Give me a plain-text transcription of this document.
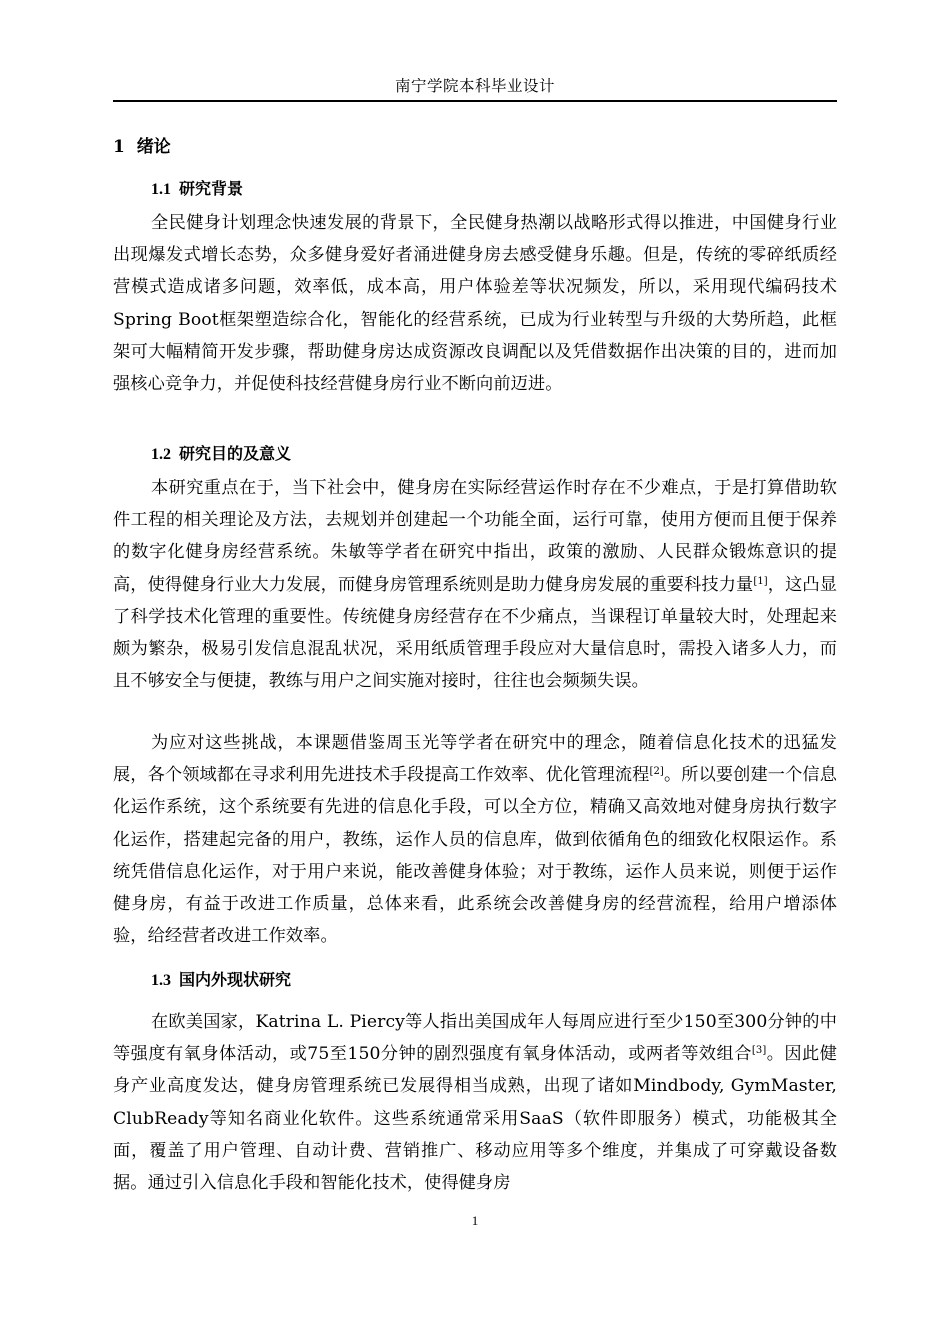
南宁学院本科毕业设计
1 绪论
1.1 研究背景
全民健身计划理念快速发展的背景下，全民健身热潮以战略形式得以推进，中国健身行业出现爆发式增长态势，众多健身爱好者涌进健身房去感受健身乐趣。但是，传统的零碎纸质经营模式造成诸多问题，效率低，成本高，用户体验差等状况频发，所以，采用现代编码技术Spring Boot框架塑造综合化，智能化的经营系统，已成为行业转型与升级的大势所趋，此框架可大幅精简开发步骤，帮助健身房达成资源改良调配以及凭借数据作出决策的目的，进而加强核心竞争力，并促使科技经营健身房行业不断向前迈进。
1.2 研究目的及意义
本研究重点在于，当下社会中，健身房在实际经营运作时存在不少难点，于是打算借助软件工程的相关理论及方法，去规划并创建起一个功能全面，运行可靠，使用方便而且便于保养的数字化健身房经营系统。朱敏等学者在研究中指出，政策的激励、人民群众锻炼意识的提高，使得健身行业大力发展，而健身房管理系统则是助力健身房发展的重要科技力量[1]，这凸显了科学技术化管理的重要性。传统健身房经营存在不少痛点，当课程订单量较大时，处理起来颇为繁杂，极易引发信息混乱状况，采用纸质管理手段应对大量信息时，需投入诸多人力，而且不够安全与便捷，教练与用户之间实施对接时，往往也会频频失误。
为应对这些挑战，本课题借鉴周玉光等学者在研究中的理念，随着信息化技术的迅猛发展，各个领域都在寻求利用先进技术手段提高工作效率、优化管理流程[2]。所以要创建一个信息化运作系统，这个系统要有先进的信息化手段，可以全方位，精确又高效地对健身房执行数字化运作，搭建起完备的用户，教练，运作人员的信息库，做到依循角色的细致化权限运作。系统凭借信息化运作，对于用户来说，能改善健身体验；对于教练，运作人员来说，则便于运作健身房，有益于改进工作质量，总体来看，此系统会改善健身房的经营流程，给用户增添体验，给经营者改进工作效率。
1.3 国内外现状研究
在欧美国家，Katrina L. Piercy等人指出美国成年人每周应进行至少150至300分钟的中等强度有氧身体活动，或75至150分钟的剧烈强度有氧身体活动，或两者等效组合[3]。因此健身产业高度发达，健身房管理系统已发展得相当成熟，出现了诸如Mindbody, GymMaster, ClubReady等知名商业化软件。这些系统通常采用SaaS（软件即服务）模式，功能极其全面，覆盖了用户管理、自动计费、营销推广、移动应用等多个维度，并集成了可穿戴设备数据。通过引入信息化手段和智能化技术，使得健身房
1
